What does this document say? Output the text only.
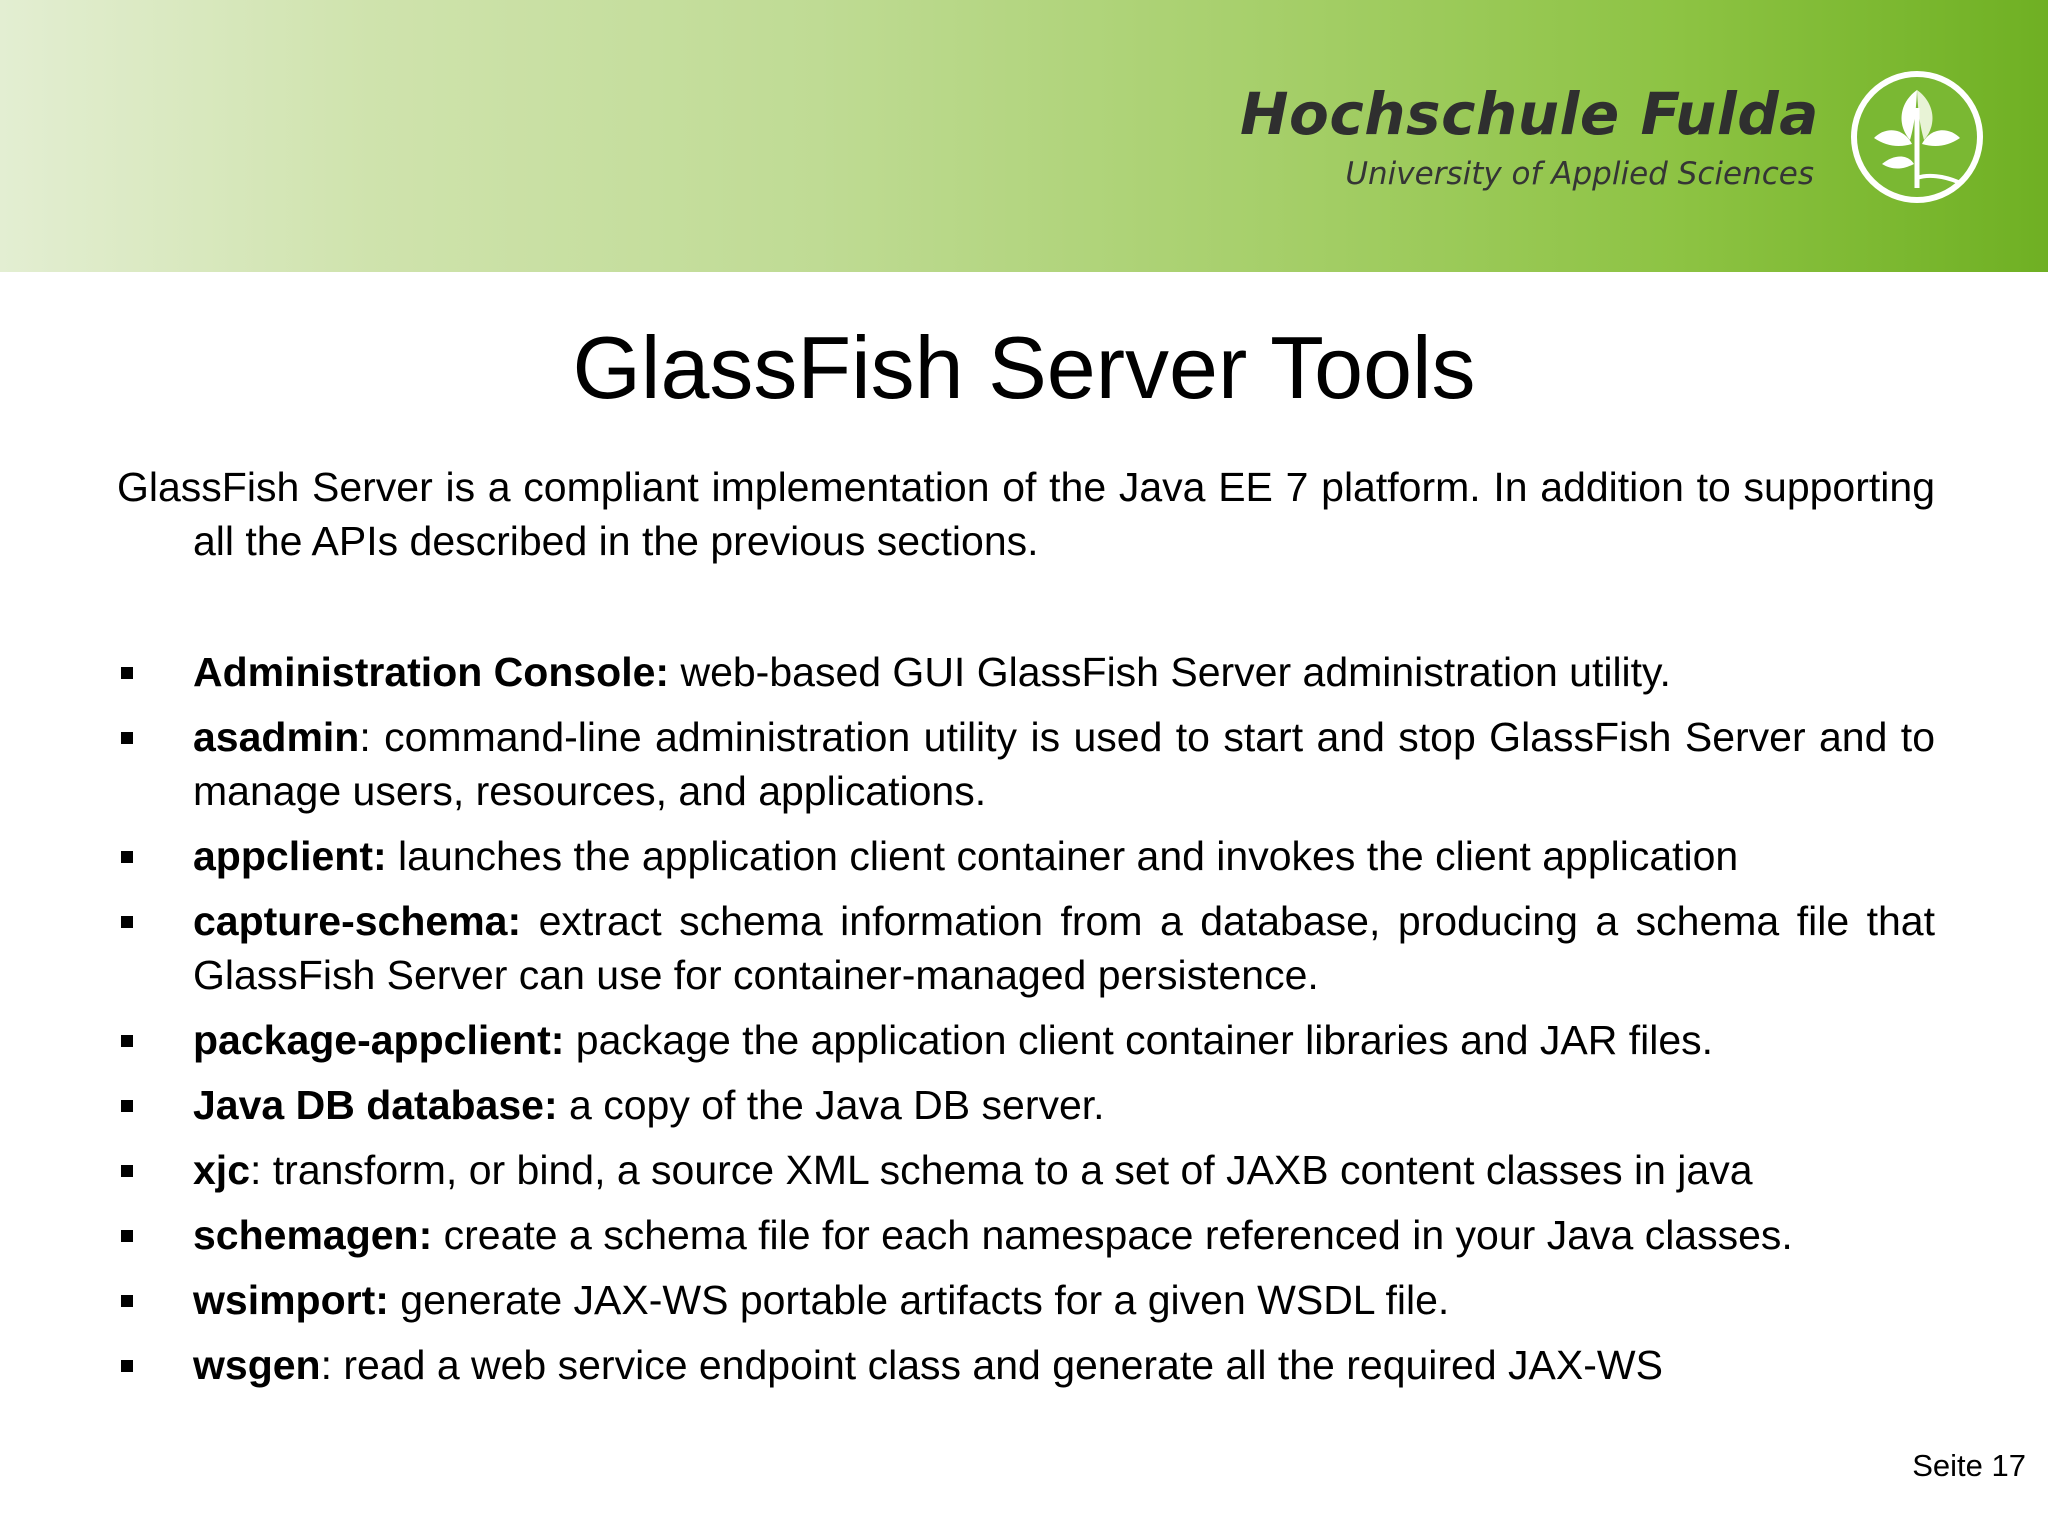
Hochschule Fulda
University of Applied Sciences
GlassFish Server Tools
GlassFish Server is a compliant implementation of the Java EE 7 platform. In addition to supporting all the APIs described in the previous sections.
Administration Console: web-based GUI GlassFish Server administration utility.
asadmin: command-line administration utility is used to start and stop GlassFish Server and to manage users, resources, and applications.
appclient: launches the application client container and invokes the client application
capture-schema: extract schema information from a database, producing a schema file that GlassFish Server can use for container-managed persistence.
package-appclient: package the application client container libraries and JAR files.
Java DB database: a copy of the Java DB server.
xjc: transform, or bind, a source XML schema to a set of JAXB content classes in java
schemagen: create a schema file for each namespace referenced in your Java classes.
wsimport: generate JAX-WS portable artifacts for a given WSDL file.
wsgen: read a web service endpoint class and generate all the required JAX-WS
Seite 17
